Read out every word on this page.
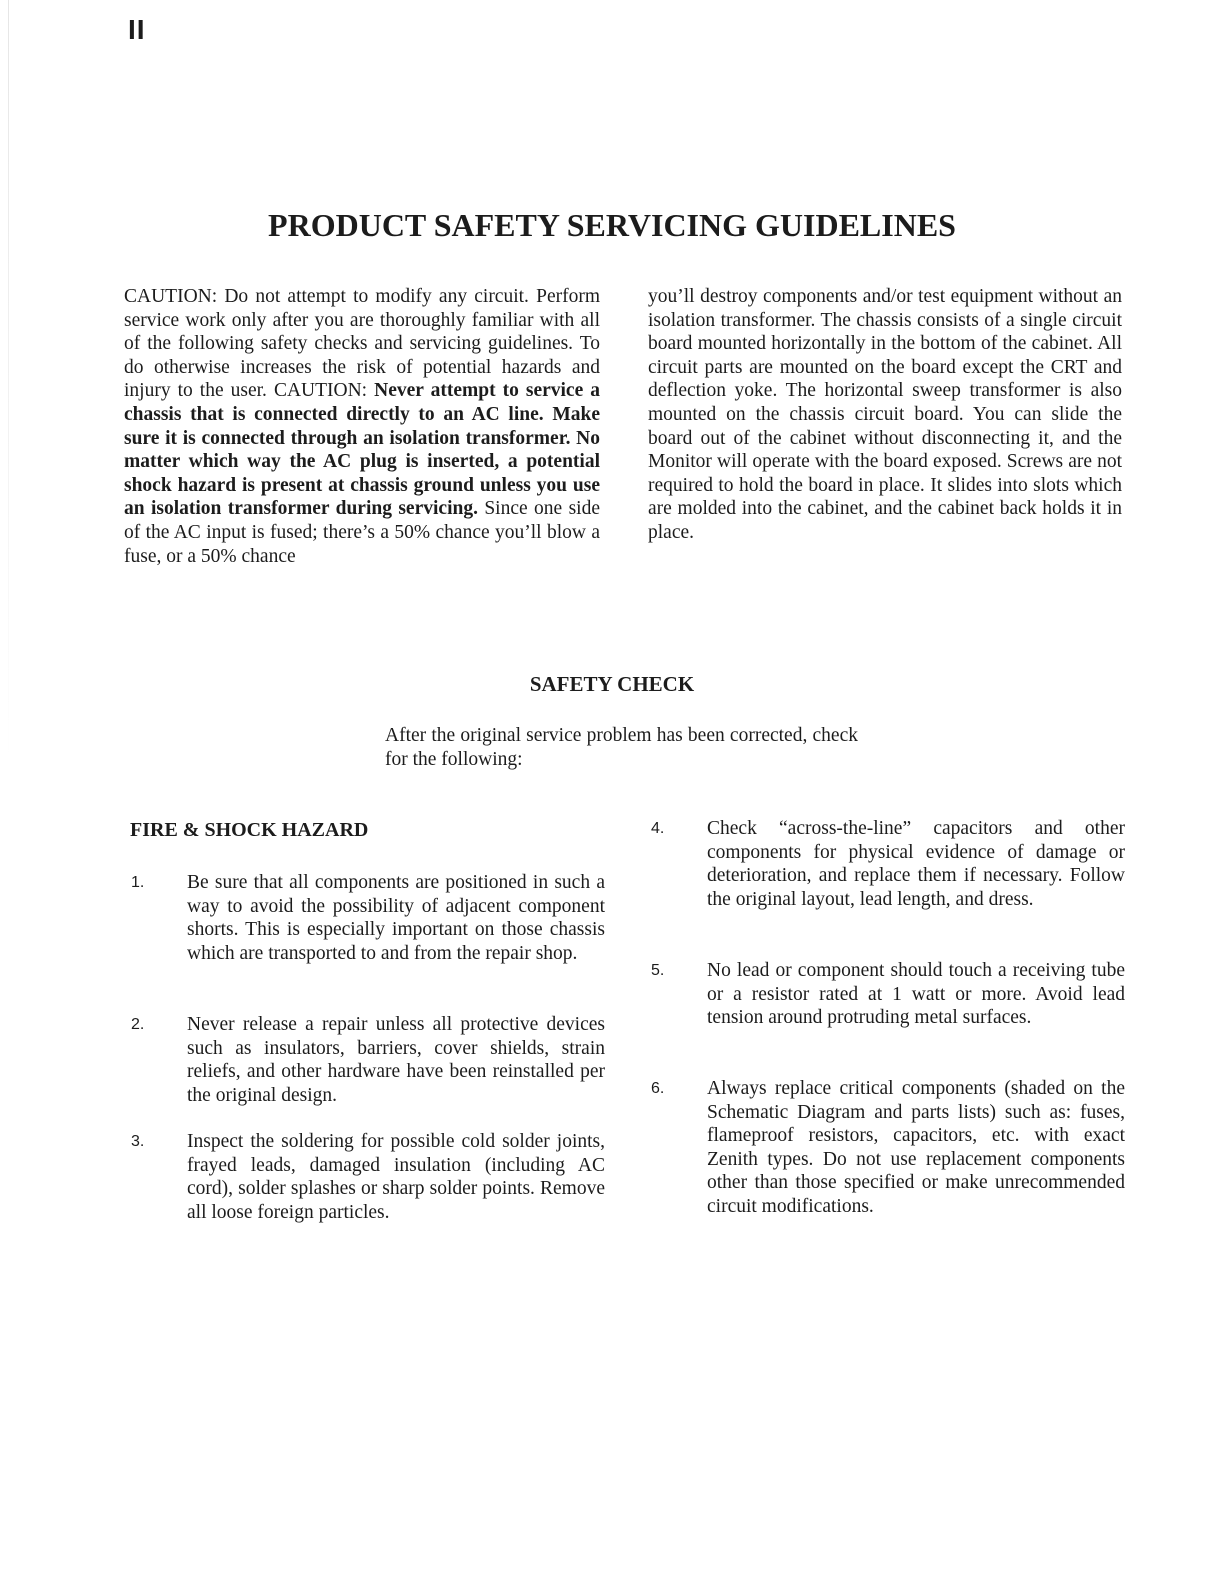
II
PRODUCT SAFETY SERVICING GUIDELINES

CAUTION: Do not attempt to modify any circuit. Perform service work only after you are thoroughly familiar with all of the following safety checks and servicing guidelines. To do otherwise increases the risk of potential hazards and injury to the user. CAUTION: Never attempt to service a chassis that is connected directly to an AC line. Make sure it is connected through an isolation transformer. No matter which way the AC plug is inserted, a potential shock hazard is present at chassis ground unless you use an isolation transformer during servicing. Since one side of the AC input is fused; there’s a 50% chance you’ll blow a fuse, or a 50% chance

you’ll destroy components and/or test equipment without an isolation transformer. The chassis consists of a single circuit board mounted horizontally in the bottom of the cabinet. All circuit parts are mounted on the board except the CRT and deflection yoke. The horizontal sweep transformer is also mounted on the chassis circuit board. You can slide the board out of the cabinet without disconnecting it, and the Monitor will operate with the board exposed. Screws are not required to hold the board in place. It slides into slots which are molded into the cabinet, and the cabinet back holds it in place.

SAFETY CHECK

After the original service problem has been corrected, check for the following:

FIRE & SHOCK HAZARD
1. Be sure that all components are positioned in such a way to avoid the possibility of adjacent component shorts. This is especially important on those chassis which are transported to and from the repair shop.
2. Never release a repair unless all protective devices such as insulators, barriers, cover shields, strain reliefs, and other hardware have been reinstalled per the original design.
3. Inspect the soldering for possible cold solder joints, frayed leads, damaged insulation (including AC cord), solder splashes or sharp solder points. Remove all loose foreign particles.
4. Check “across-the-line” capacitors and other components for physical evidence of damage or deterioration, and replace them if necessary. Follow the original layout, lead length, and dress.
5. No lead or component should touch a receiving tube or a resistor rated at 1 watt or more. Avoid lead tension around protruding metal surfaces.
6. Always replace critical components (shaded on the Schematic Diagram and parts lists) such as: fuses, flameproof resistors, capacitors, etc. with exact Zenith types. Do not use replacement components other than those specified or make unrecommended circuit modifications.
